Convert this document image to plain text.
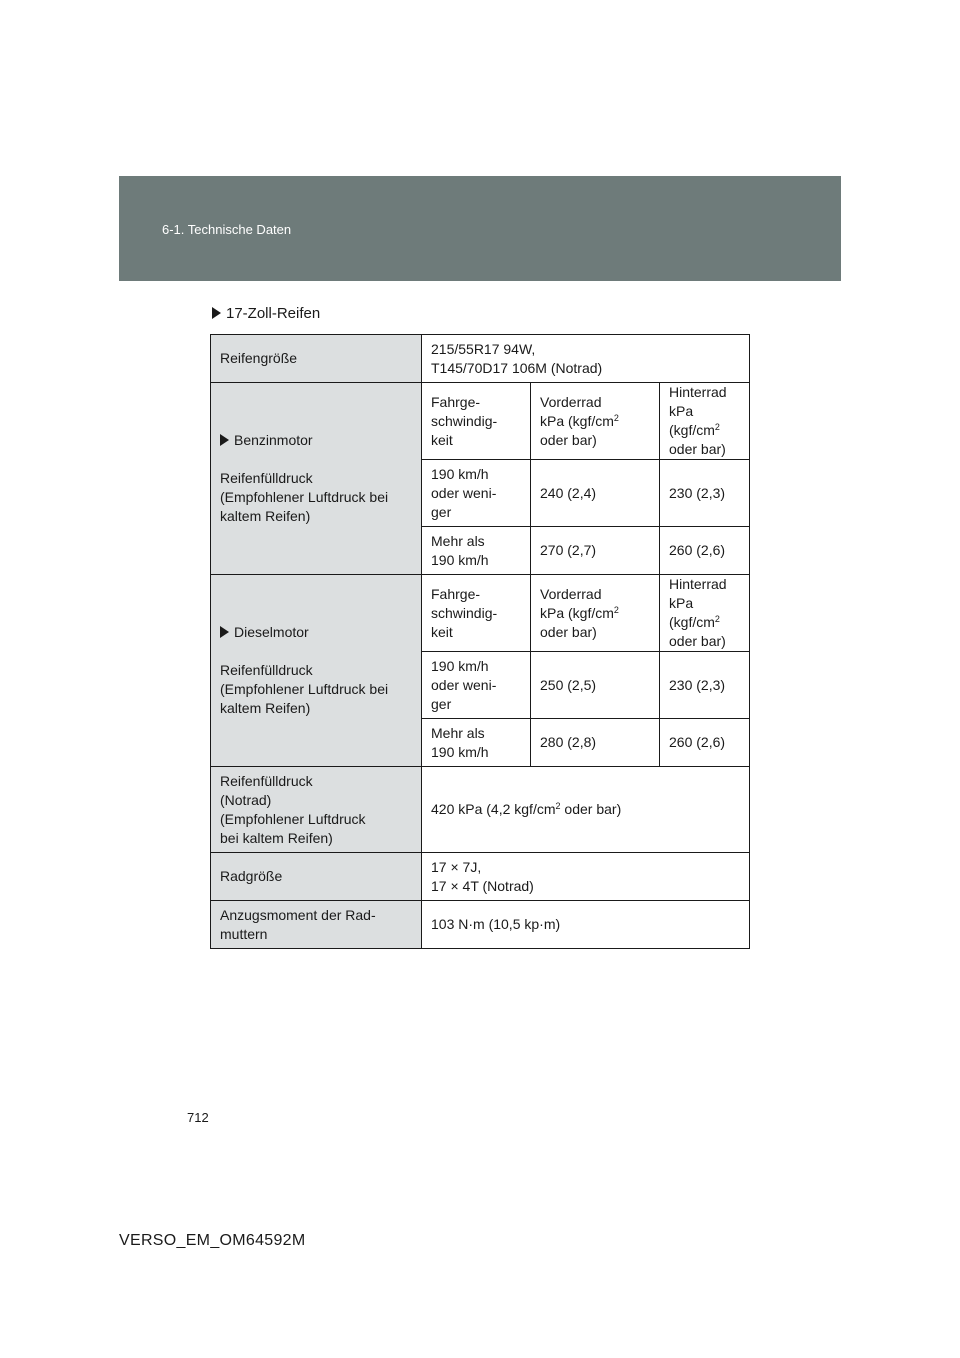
6-1. Technische Daten
17-Zoll-Reifen
Reifengröße	215/55R17 94W,
T145/70D17 106M (Notrad)		

Benzinmotor
Reifenfülldruck
(Empfohlener Luftdruck bei
kaltem Reifen)	Fahrge-
schwindig-
keit	Vorderrad
kPa ($kgf/cm^2$
oder bar)	Hinterrad
kPa ($kgf/cm^2$
oder bar)

	190 km/h
oder weni-
ger	240 (2,4)	230 (2,3)

	Mehr als
190 km/h	270 (2,7)	260 (2,6)

Dieselmotor
Reifenfülldruck
(Empfohlener Luftdruck bei
kaltem Reifen)	Fahrge-
schwindig-
keit	Vorderrad
kPa ($kgf/cm^2$
oder bar)	Hinterrad
kPa ($kgf/cm^2$
oder bar)

	190 km/h
oder weni-
ger	250 (2,5)	230 (2,3)

	Mehr als
190 km/h	280 (2,8)	260 (2,6)

Reifenfülldruck
(Notrad)
(Empfohlener Luftdruck
bei kaltem Reifen)	420 kPa (4,2 kgf/$cm^2$ oder bar)		
Radgröße	17 × 7J,
17 × 4T (Notrad)		

Anzugsmoment der Rad-
muttern	103 N·m (10,5 kp·m)		
712
VERSO_EM_OM64592M
